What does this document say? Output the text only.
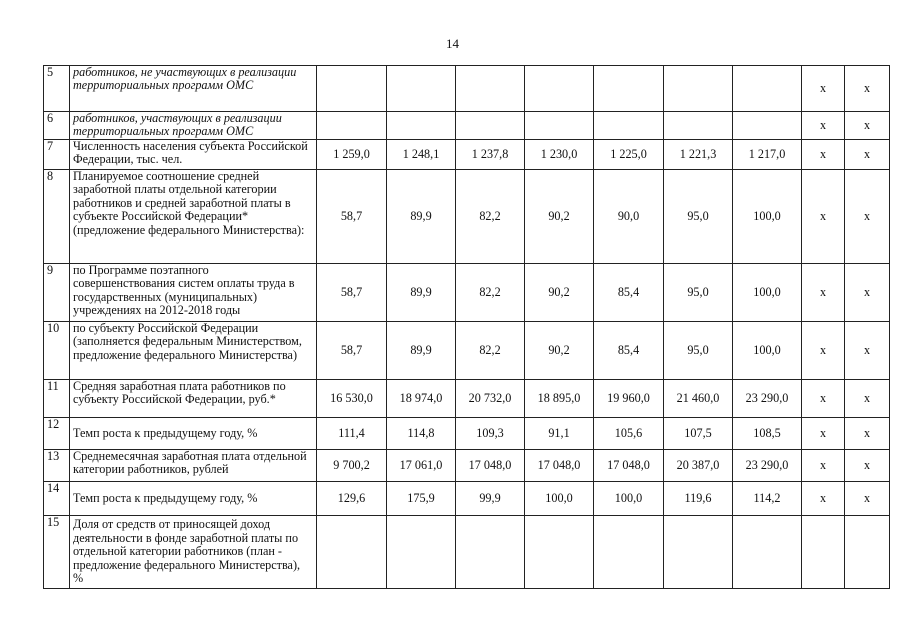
14
5	работников, не участвующих в реализации территориальных программ ОМС								х	х
6	работников, участвующих в реализации территориальных программ ОМС								х	х
7	Численность населения субъекта Российской Федерации, тыс. чел.	1 259,0	1 248,1	1 237,8	1 230,0	1 225,0	1 221,3	1 217,0	х	х
8	Планируемое соотношение средней заработной платы отдельной категории работников и средней заработной платы в субъекте Российской Федерации*(предложение федерального Министерства):	58,7	89,9	82,2	90,2	90,0	95,0	100,0	х	х
9	по Программе поэтапного совершенствования систем оплаты труда в государственных (муниципальных) учреждениях на 2012-2018 годы	58,7	89,9	82,2	90,2	85,4	95,0	100,0	х	х
10	по субъекту Российской Федерации (заполняется федеральным Министерством, предложение федерального Министерства)	58,7	89,9	82,2	90,2	85,4	95,0	100,0	х	х
11	Средняя заработная плата работников по субъекту Российской Федерации, руб.*	16 530,0	18 974,0	20 732,0	18 895,0	19 960,0	21 460,0	23 290,0	х	х
12	Темп роста к предыдущему году, %	111,4	114,8	109,3	91,1	105,6	107,5	108,5	х	х
13	Среднемесячная заработная плата отдельной категории работников, рублей	9 700,2	17 061,0	17 048,0	17 048,0	17 048,0	20 387,0	23 290,0	х	х
14	Темп роста к предыдущему году, %	129,6	175,9	99,9	100,0	100,0	119,6	114,2	х	х
15	Доля от средств от приносящей доход деятельности в фонде заработной платы по отдельной категории работников (план - предложение федерального Министерства), %									
